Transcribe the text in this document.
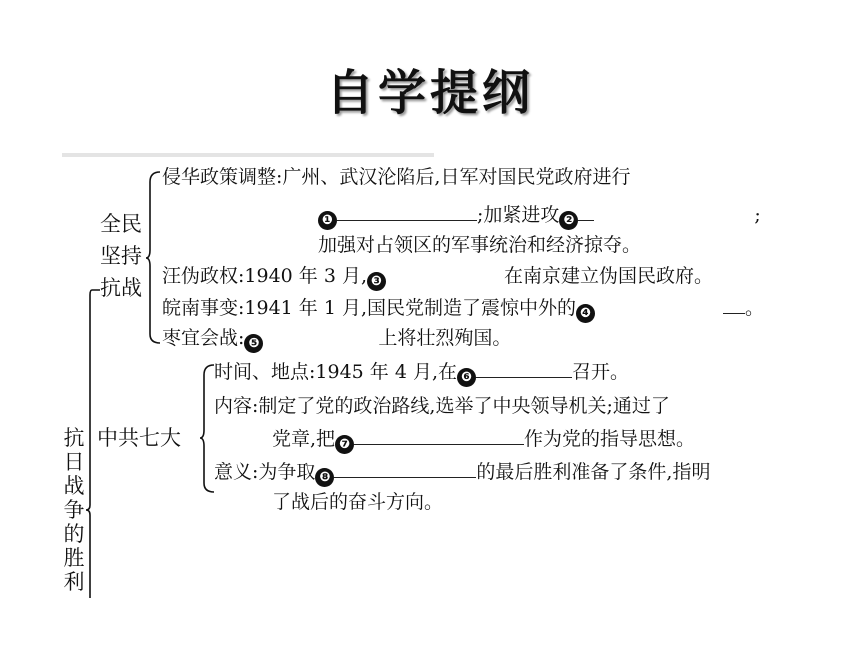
自学提纲
抗日战争的胜利
全民
坚持
抗战
侵华政策调整:广州、武汉沦陷后,日军对国民党政府进行
❶	;加紧进攻 ❷	;
加强对占领区的军事统治和经济掠夺。
汪伪政权:1940 年 3 月, ❸	在南京建立伪国民政府。
皖南事变:1941 年 1 月,国民党制造了震惊中外的 ❹	。
枣宜会战: ❺	上将壮烈殉国。
中共七大
时间、地点:1945 年 4 月,在 ❻	召开。
内容:制定了党的政治路线,选举了中央领导机关;通过了
党章,把 ❼	作为党的指导思想。
意义:为争取 ❽	的最后胜利准备了条件,指明
了战后的奋斗方向。
